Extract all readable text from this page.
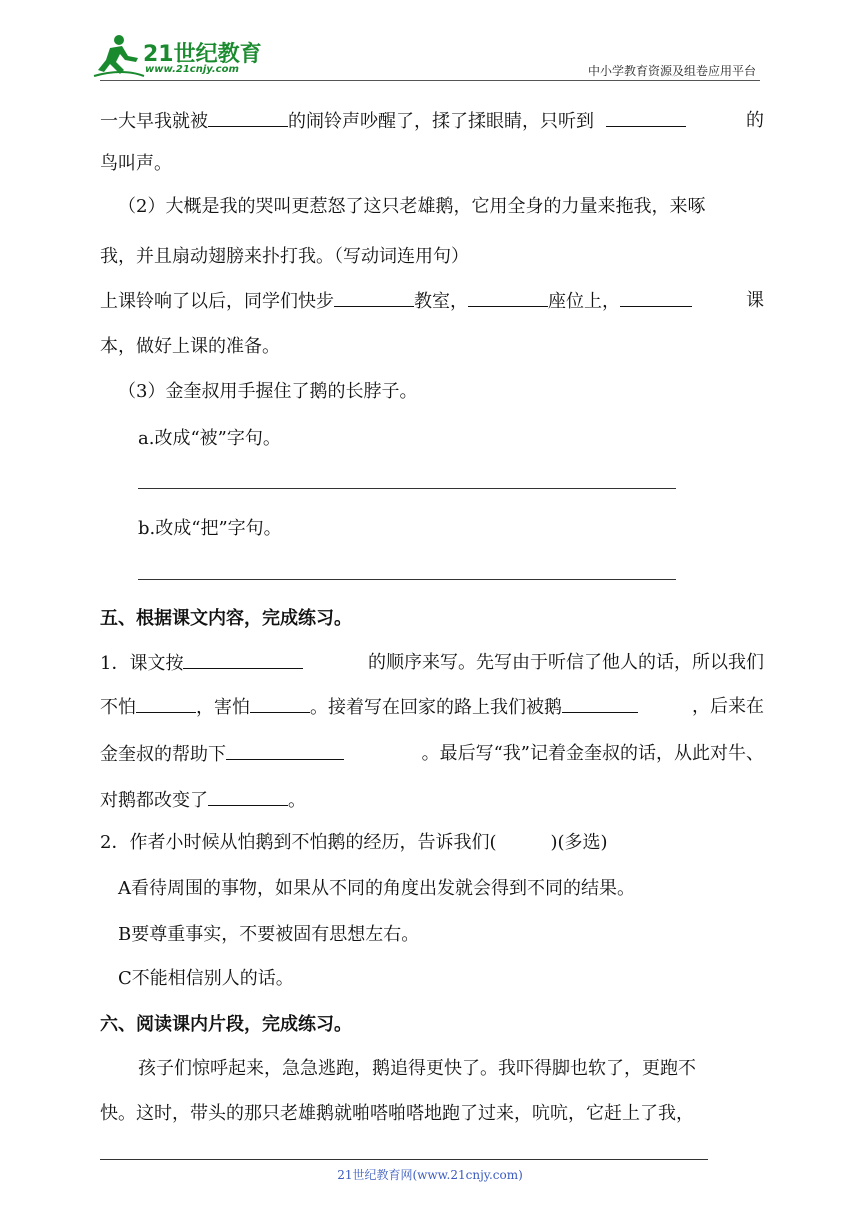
21世纪教育
www.21cnjy.com	中小学教育资源及组卷应用平台
一大早我就被	的闹铃声吵醒了，揉了揉眼睛，只听到	的
鸟叫声。
（2）大概是我的哭叫更惹怒了这只老雄鹅，它用全身的力量来拖我，来啄
我，并且扇动翅膀来扑打我。（写动词连用句）
上课铃响了以后，同学们快步	教室，	座位上，	课
本，做好上课的准备。
（3）金奎叔用手握住了鹅的长脖子。
a.改成“被”字句。
b.改成“把”字句。
五、根据课文内容，完成练习。
1．课文按	的顺序来写。先写由于听信了他人的话，所以我们
不怕	，害怕	。接着写在回家的路上我们被鹅	，后来在
金奎叔的帮助下	。最后写“我”记着金奎叔的话，从此对牛、
对鹅都改变了	。
2．作者小时候从怕鹅到不怕鹅的经历，告诉我们(　　　)(多选)
A看待周围的事物，如果从不同的角度出发就会得到不同的结果。
B要尊重事实，不要被固有思想左右。
C不能相信别人的话。
六、阅读课内片段，完成练习。
孩子们惊呼起来，急急逃跑，鹅追得更快了。我吓得脚也软了，更跑不
快。这时，带头的那只老雄鹅就啪嗒啪嗒地跑了过来，吭吭，它赶上了我，
21世纪教育网(www.21cnjy.com)
